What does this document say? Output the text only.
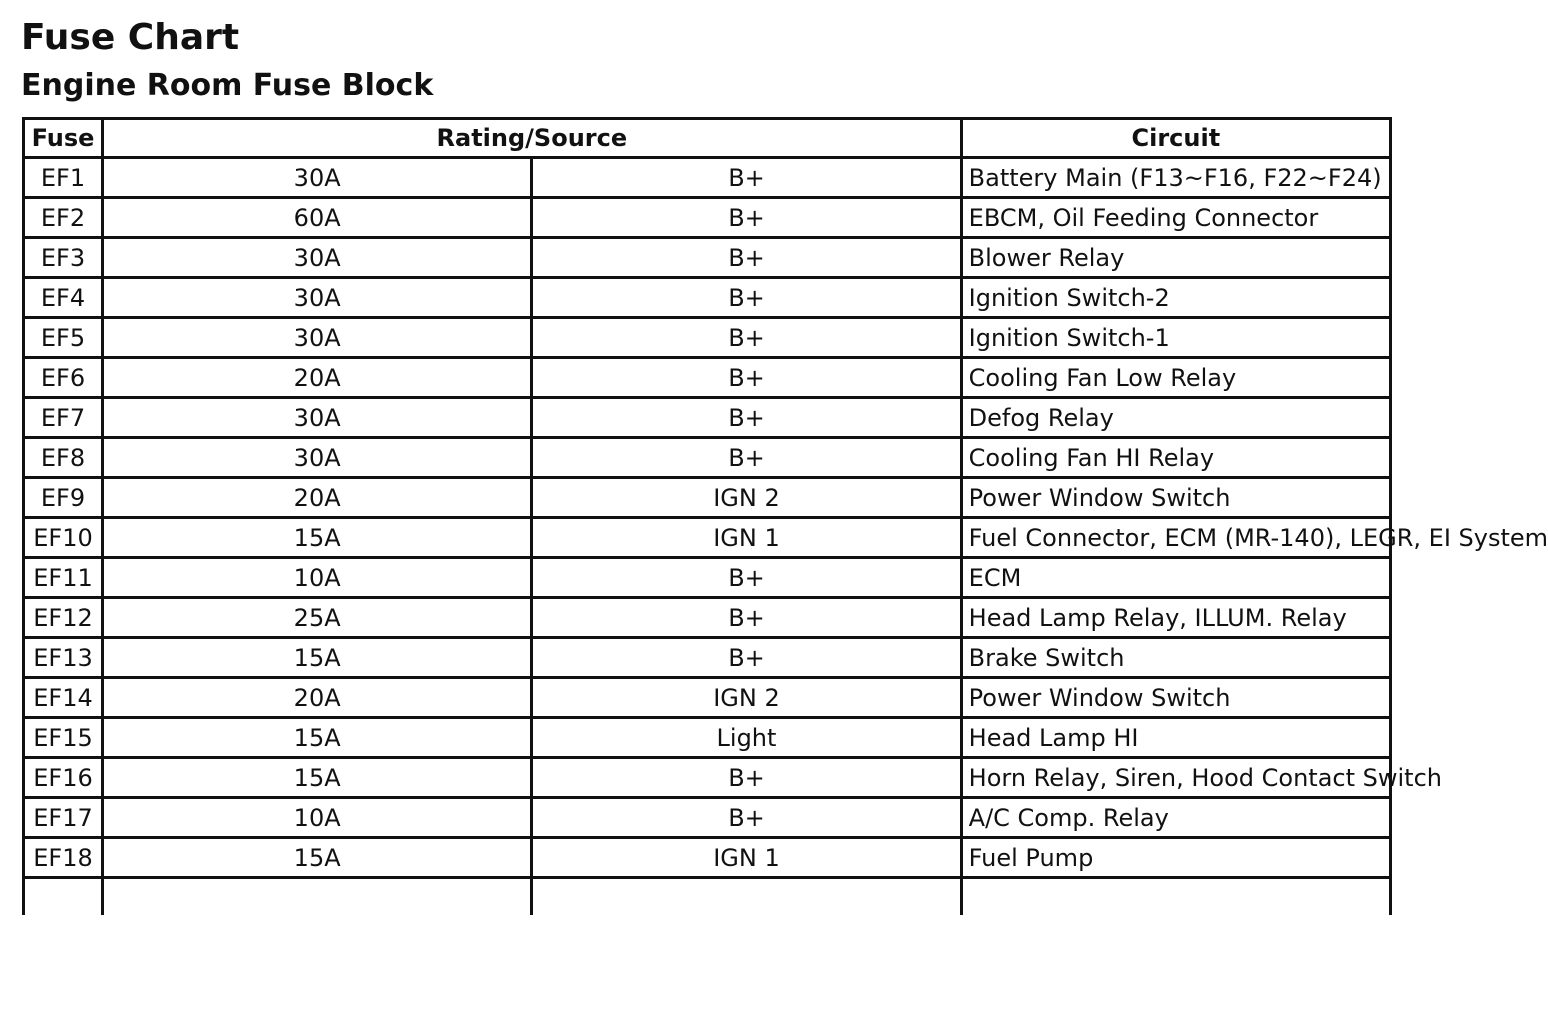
Fuse Chart
Engine Room Fuse Block
Fuse	Rating/Source		Circuit
EF1	30A	B+	Battery Main (F13~F16, F22~F24)
EF2	60A	B+	EBCM, Oil Feeding Connector
EF3	30A	B+	Blower Relay
EF4	30A	B+	Ignition Switch-2
EF5	30A	B+	Ignition Switch-1
EF6	20A	B+	Cooling Fan Low Relay
EF7	30A	B+	Defog Relay
EF8	30A	B+	Cooling Fan HI Relay
EF9	20A	IGN 2	Power Window Switch
EF10	15A	IGN 1	Fuel Connector, ECM (MR-140), LEGR, EI System
EF11	10A	B+	ECM
EF12	25A	B+	Head Lamp Relay, ILLUM. Relay
EF13	15A	B+	Brake Switch
EF14	20A	IGN 2	Power Window Switch
EF15	15A	Light	Head Lamp HI
EF16	15A	B+	Horn Relay, Siren, Hood Contact Switch
EF17	10A	B+	A/C Comp. Relay
EF18	15A	IGN 1	Fuel Pump
